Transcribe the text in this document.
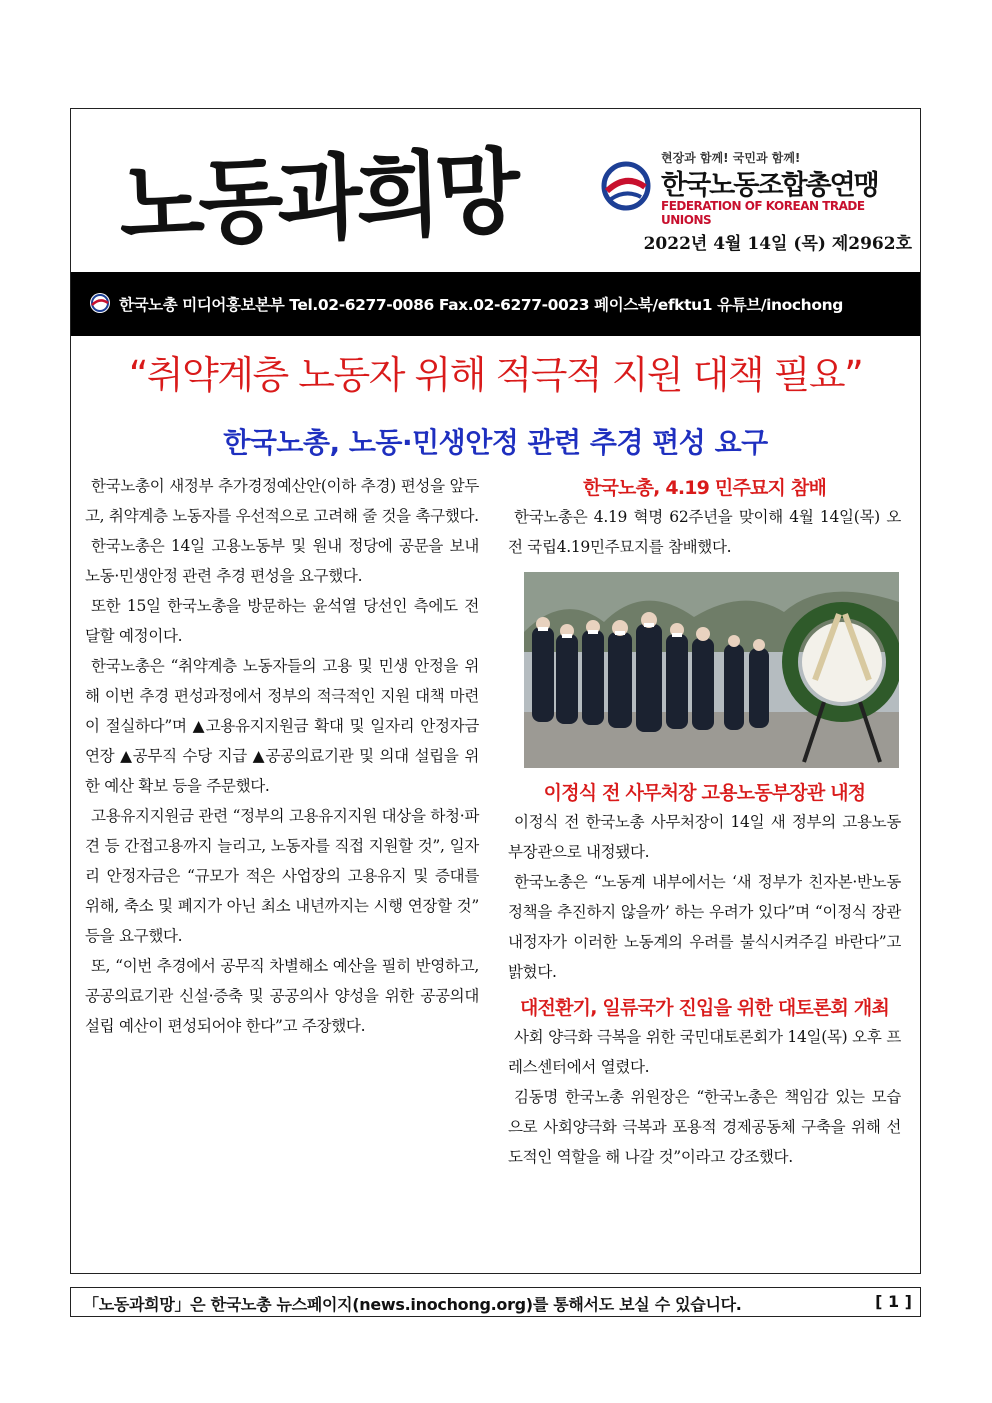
노동과희망	현장과 함께! 국민과 함께!
한국노동조합총연맹
FEDERATION OF KOREAN TRADE UNIONS
2022년 4월 14일 (목) 제2962호
한국노총 미디어홍보본부 Tel.02-6277-0086 Fax.02-6277-0023 페이스북/efktu1 유튜브/inochong
“취약계층 노동자 위해 적극적 지원 대책 필요”
한국노총, 노동·민생안정 관련 추경 편성 요구

한국노총이 새정부 추가경정예산안(이하 추경) 편성을 앞두고, 취약계층 노동자를 우선적으로 고려해 줄 것을 촉구했다.

한국노총은 14일 고용노동부 및 원내 정당에 공문을 보내 노동·민생안정 관련 추경 편성을 요구했다.

또한 15일 한국노총을 방문하는 윤석열 당선인 측에도 전달할 예정이다.

한국노총은 “취약계층 노동자들의 고용 및 민생 안정을 위해 이번 추경 편성과정에서 정부의 적극적인 지원 대책 마련이 절실하다”며 ▲고용유지지원금 확대 및 일자리 안정자금 연장 ▲공무직 수당 지급 ▲공공의료기관 및 의대 설립을 위한 예산 확보 등을 주문했다.

고용유지지원금 관련 “정부의 고용유지지원 대상을 하청·파견 등 간접고용까지 늘리고, 노동자를 직접 지원할 것”, 일자리 안정자금은 “규모가 적은 사업장의 고용유지 및 증대를 위해, 축소 및 폐지가 아닌 최소 내년까지는 시행 연장할 것” 등을 요구했다.

또, “이번 추경에서 공무직 차별해소 예산을 필히 반영하고, 공공의료기관 신설·증축 및 공공의사 양성을 위한 공공의대 설립 예산이 편성되어야 한다”고 주장했다.

한국노총, 4.19 민주묘지 참배

한국노총은 4.19 혁명 62주년을 맞이해 4월 14일(목) 오전 국립4.19민주묘지를 참배했다.

이정식 전 사무처장 고용노동부장관 내정

이정식 전 한국노총 사무처장이 14일 새 정부의 고용노동부장관으로 내정됐다.

한국노총은 “노동계 내부에서는 ‘새 정부가 친자본·반노동 정책을 추진하지 않을까’ 하는 우려가 있다”며 “이정식 장관 내정자가 이러한 노동계의 우려를 불식시켜주길 바란다”고 밝혔다.

대전환기, 일류국가 진입을 위한 대토론회 개최

사회 양극화 극복을 위한 국민대토론회가 14일(목) 오후 프레스센터에서 열렸다.

김동명 한국노총 위원장은 “한국노총은 책임감 있는 모습으로 사회양극화 극복과 포용적 경제공동체 구축을 위해 선도적인 역할을 해 나갈 것”이라고 강조했다.

「노동과희망」은 한국노총 뉴스페이지(news.inochong.org)를 통해서도 보실 수 있습니다.	[ 1 ]
